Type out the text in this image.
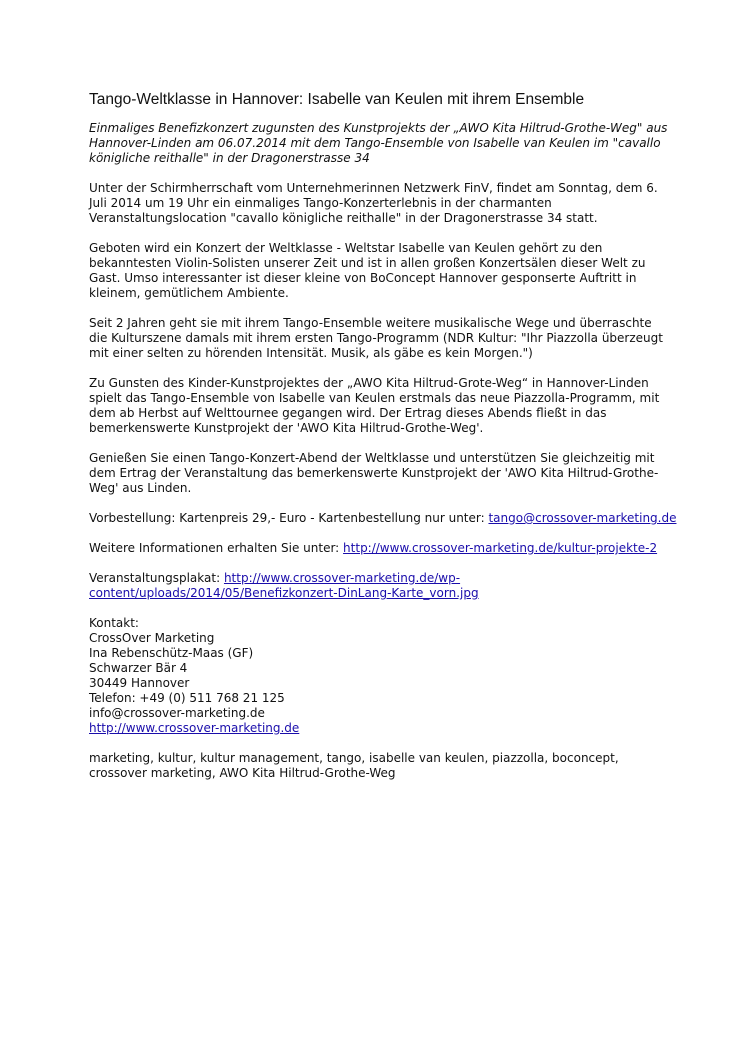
Tango-Weltklasse in Hannover: Isabelle van Keulen mit ihrem Ensemble

Einmaliges Benefizkonzert zugunsten des Kunstprojekts der „AWO Kita Hiltrud-Grothe-Weg" aus Hannover-Linden am 06.07.2014 mit dem Tango-Ensemble von Isabelle van Keulen im "cavallo königliche reithalle" in der Dragonerstrasse 34

Unter der Schirmherrschaft vom Unternehmerinnen Netzwerk FinV, findet am Sonntag, dem 6. Juli 2014 um 19 Uhr ein einmaliges Tango-Konzerterlebnis in der charmanten Veranstaltungslocation "cavallo königliche reithalle" in der Dragonerstrasse 34 statt.

Geboten wird ein Konzert der Weltklasse - Weltstar Isabelle van Keulen gehört zu den bekanntesten Violin-Solisten unserer Zeit und ist in allen großen Konzertsälen dieser Welt zu Gast. Umso interessanter ist dieser kleine von BoConcept Hannover gesponserte Auftritt in kleinem, gemütlichem Ambiente.

Seit 2 Jahren geht sie mit ihrem Tango-Ensemble weitere musikalische Wege und überraschte die Kulturszene damals mit ihrem ersten Tango-Programm (NDR Kultur: "Ihr Piazzolla überzeugt mit einer selten zu hörenden Intensität. Musik, als gäbe es kein Morgen.")

Zu Gunsten des Kinder-Kunstprojektes der „AWO Kita Hiltrud-Grote-Weg“ in Hannover-Linden spielt das Tango-Ensemble von Isabelle van Keulen erstmals das neue Piazzolla-Programm, mit dem ab Herbst auf Welttournee gegangen wird. Der Ertrag dieses Abends fließt in das bemerkenswerte Kunstprojekt der 'AWO Kita Hiltrud-Grothe-Weg'.

Genießen Sie einen Tango-Konzert-Abend der Weltklasse und unterstützen Sie gleichzeitig mit dem Ertrag der Veranstaltung das bemerkenswerte Kunstprojekt der 'AWO Kita Hiltrud-Grothe-Weg' aus Linden.

Vorbestellung: Kartenpreis 29,- Euro - Kartenbestellung nur unter: tango@crossover-marketing.de

Weitere Informationen erhalten Sie unter: http://www.crossover-marketing.de/kultur-projekte-2

Veranstaltungsplakat: http://www.crossover-marketing.de/wp-
content/uploads/2014/05/Benefizkonzert-DinLang-Karte_vorn.jpg

Kontakt:
CrossOver Marketing
Ina Rebenschütz-Maas (GF)
Schwarzer Bär 4
30449 Hannover
Telefon: +49 (0) 511 768 21 125
info@crossover-marketing.de
http://www.crossover-marketing.de

marketing, kultur, kultur management, tango, isabelle van keulen, piazzolla, boconcept, crossover marketing, AWO Kita Hiltrud-Grothe-Weg
